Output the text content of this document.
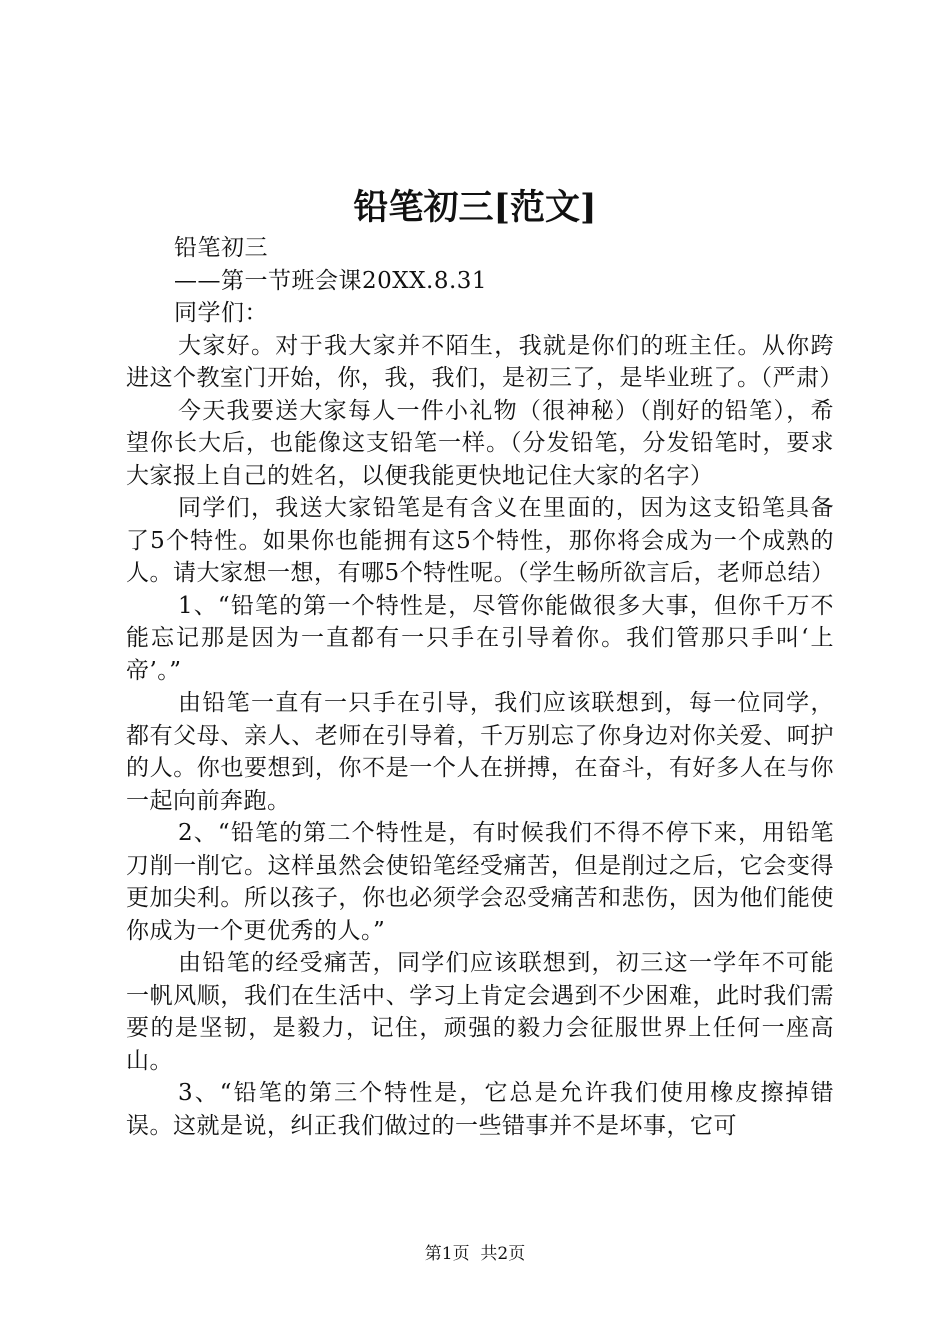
铅笔初三[范文]

铅笔初三

——第一节班会课20XX.8.31

同学们：

大家好。对于我大家并不陌生，我就是你们的班主任。从你跨进这个教室门开始，你，我，我们，是初三了，是毕业班了。（严肃）

今天我要送大家每人一件小礼物（很神秘）（削好的铅笔），希望你长大后，也能像这支铅笔一样。（分发铅笔，分发铅笔时，要求大家报上自己的姓名，以便我能更快地记住大家的名字）

同学们，我送大家铅笔是有含义在里面的，因为这支铅笔具备了5个特性。如果你也能拥有这5个特性，那你将会成为一个成熟的人。请大家想一想，有哪5个特性呢。（学生畅所欲言后，老师总结）

1、“铅笔的第一个特性是，尽管你能做很多大事，但你千万不能忘记那是因为一直都有一只手在引导着你。我们管那只手叫‘上帝’。”

由铅笔一直有一只手在引导，我们应该联想到，每一位同学，都有父母、亲人、老师在引导着，千万别忘了你身边对你关爱、呵护的人。你也要想到，你不是一个人在拼搏，在奋斗，有好多人在与你一起向前奔跑。

2、“铅笔的第二个特性是，有时候我们不得不停下来，用铅笔刀削一削它。这样虽然会使铅笔经受痛苦，但是削过之后，它会变得更加尖利。所以孩子，你也必须学会忍受痛苦和悲伤，因为他们能使你成为一个更优秀的人。”

由铅笔的经受痛苦，同学们应该联想到，初三这一学年不可能一帆风顺，我们在生活中、学习上肯定会遇到不少困难，此时我们需要的是坚韧，是毅力，记住，顽强的毅力会征服世界上任何一座高山。

3、“铅笔的第三个特性是，它总是允许我们使用橡皮擦掉错误。这就是说，纠正我们做过的一些错事并不是坏事，它可

第1页  共2页
